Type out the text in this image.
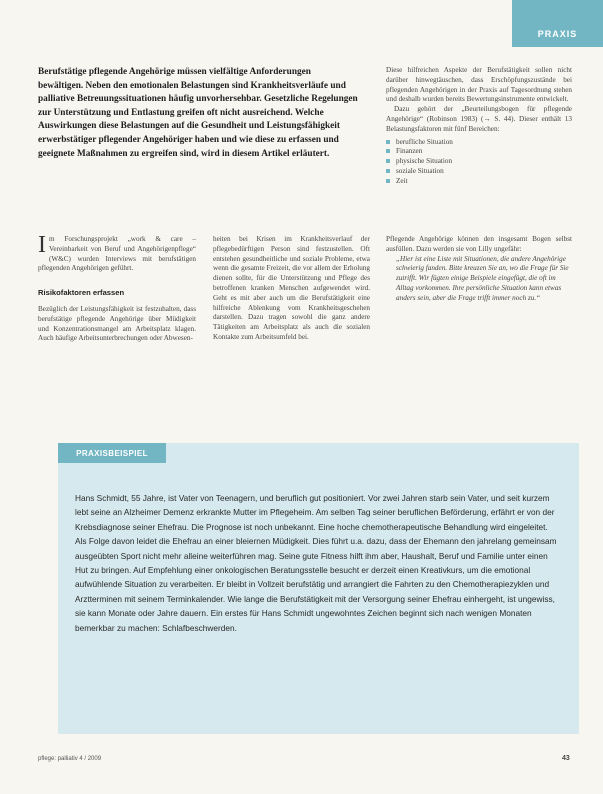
PRAXIS
Berufstätige pflegende Angehörige müssen vielfältige Anforderungen bewältigen. Neben den emotionalen Belastungen sind Krankheitsverläufe und palliative Betreuungssituationen häufig unvorhersehbar. Gesetzliche Regelungen zur Unterstützung und Entlastung greifen oft nicht ausreichend. Welche Auswirkungen diese Belastungen auf die Gesundheit und Leistungsfähigkeit erwerbstätiger pflegender Angehöriger haben und wie diese zu erfassen und geeignete Maßnahmen zu ergreifen sind, wird in diesem Artikel erläutert.

Diese hilfreichen Aspekte der Berufstätigkeit sollen nicht darüber hinwegtäuschen, dass Erschöpfungszustände bei pflegenden Angehörigen in der Praxis auf Tagesordnung stehen und deshalb wurden bereits Bewertungsinstrumente entwickelt.

Dazu gehört der „Beurteilungsbogen für pflegende Angehörige“ (Robinson 1983) (→ S. 44). Dieser enthält 13 Belastungsfaktoren mit fünf Bereichen:

berufliche Situation
Finanzen
physische Situation
soziale Situation
Zeit

Im Forschungsprojekt „work & care – Vereinbarkeit von Beruf und Angehörigenpflege“ (W&C) wurden Interviews mit berufstätigen pflegenden Angehörigen geführt.

Risikofaktoren erfassen

Bezüglich der Leistungsfähigkeit ist festzuhalten, dass berufstätige pflegende Angehörige über Müdigkeit und Konzentrationsmangel am Arbeitsplatz klagen. Auch häufige Arbeitsunterbrechungen oder Abwesen-

heiten bei Krisen im Krankheitsverlauf der pflegebedürftigen Person sind festzustellen. Oft entstehen gesundheitliche und soziale Probleme, etwa wenn die gesamte Freizeit, die vor allem der Erholung dienen sollte, für die Unterstützung und Pflege des betroffenen kranken Menschen aufgewendet wird. Geht es mit aber auch um die Berufstätigkeit eine hilfreiche Ablenkung vom Krankheitsgeschehen darstellen. Dazu tragen sowohl die ganz andere Tätigkeiten am Arbeitsplatz als auch die sozialen Kontakte zum Arbeitsumfeld bei.

Pflegende Angehörige können den insgesamt Bogen selbst ausfüllen. Dazu werden sie von Lilly ungefähr:

„Hier ist eine Liste mit Situationen, die andere Angehörige schwierig fanden. Bitte kreuzen Sie an, wo die Frage für Sie zutrifft. Wir fügten einige Beispiele eingefügt, die oft im Alltag vorkommen. Ihre persönliche Situation kann etwas anders sein, aber die Frage trifft immer noch zu.“

PRAXISBEISPIEL
Hans Schmidt, 55 Jahre, ist Vater von Teenagern, und beruflich gut positioniert. Vor zwei Jahren starb sein Vater, und seit kurzem lebt seine an Alzheimer Demenz erkrankte Mutter im Pflegeheim. Am selben Tag seiner beruflichen Beförderung, erfährt er von der Krebsdiagnose seiner Ehefrau. Die Prognose ist noch unbekannt. Eine hoche chemotherapeutische Behandlung wird eingeleitet. Als Folge davon leidet die Ehefrau an einer bleiernen Müdigkeit. Dies führt u.a. dazu, dass der Ehemann den jahrelang gemeinsam ausgeübten Sport nicht mehr alleine weiterführen mag. Seine gute Fitness hilft ihm aber, Haushalt, Beruf und Familie unter einen Hut zu bringen. Auf Empfehlung einer onkologischen Beratungsstelle besucht er derzeit einen Kreativkurs, um die emotional aufwühlende Situation zu verarbeiten. Er bleibt in Vollzeit berufstätig und arrangiert die Fahrten zu den Chemotherapiezyklen und Arztterminen mit seinem Terminkalender. Wie lange die Berufstätigkeit mit der Versorgung seiner Ehefrau einhergeht, ist ungewiss, sie kann Monate oder Jahre dauern. Ein erstes für Hans Schmidt ungewohntes Zeichen beginnt sich nach wenigen Monaten bemerkbar zu machen: Schlafbeschwerden.
pflege: palliativ 4 / 2009	43
